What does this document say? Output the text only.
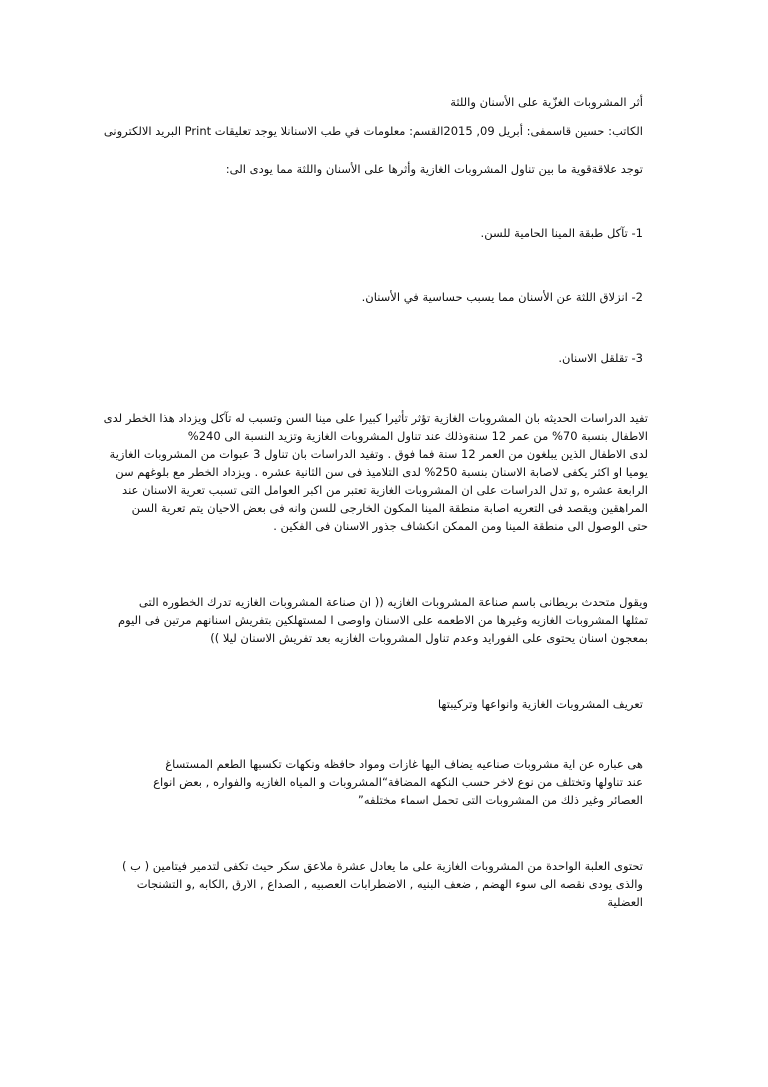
أثر المشروبات الغزّية على الأسنان واللثة

الكاتب: حسين قاسمفى: أبريل 09, 2015القسم: معلومات في طب الاسنانلا يوجد تعليقات Print البريد الالكترونى

توجد علاقةقوية ما بين تناول المشروبات الغازية وأثرها على الأسنان واللثة مما يودى الى:

1- تآكل طبقة المينا الحامية للسن.

2- انزلاق اللثة عن الأسنان مما يسبب حساسية في الأسنان.

3- تقلقل الاسنان.

تفيد الدراسات الحديثه بان المشروبات الغازية تؤثر تأثيرا كبيرا على مينا السن وتسبب له تآكل ويزداد هذا الخطر لدى

الاطفال بنسبة 70% من عمر 12 سنةوذلك عند تناول المشروبات الغازية وتزيد النسبة الى 240%

لدى الاطفال الذين يبلغون من العمر 12 سنة فما فوق . وتفيد الدراسات بان تناول 3 عبوات من المشروبات الغازية

يوميا او اكثر يكفى لاصابة الاسنان بنسبة 250% لدى التلاميذ فى سن الثانية عشره . ويزداد الخطر مع بلوغهم سن

الرابعة عشره ,و تدل الدراسات على ان المشروبات الغازية تعتبر من اكبر العوامل التى تسبب تعرية الاسنان عند

المراهقين ويقصد فى التعريه اصابة منطقة المينا المكون الخارجى للسن وانه فى بعض الاحيان يتم تعرية السن

حتى الوصول الى منطقة المينا ومن الممكن انكشاف جذور الاسنان فى الفكين .

ويقول متحدث بريطانى باسم صناعة المشروبات الغازيه (( ان صناعة المشروبات الغازيه تدرك الخطوره التى

تمثلها المشروبات الغازيه وغيرها من الاطعمه على الاسنان واوصى ا لمستهلكين بتفريش اسنانهم مرتين فى اليوم

بمعجون اسنان يحتوى على الفورايد وعدم تناول المشروبات الغازيه بعد تفريش الاسنان ليلا ))

تعريف المشروبات الغازية وانواعها وتركيبتها

هى عباره عن اية مشروبات صناعيه يضاف اليها غازات ومواد حافظه ونكهات تكسبها الطعم المستساغ

عند تناولها وتختلف من نوع لاخر حسب النكهه المضافة“المشروبات و المياه الغازيه والفواره , بعض انواع

العصائر وغير ذلك من المشروبات التى تحمل اسماء مختلفه”

تحتوى العلبة الواحدة من المشروبات الغازية على ما يعادل عشرة ملاعق سكر حيث تكفى لتدمير فيتامين ( ب )

والذى يودى نقصه الى سوء الهضم , ضعف البنيه , الاضطرابات العصبيه , الصداع , الارق ,الكابه ,و التشنجات

العضلية
